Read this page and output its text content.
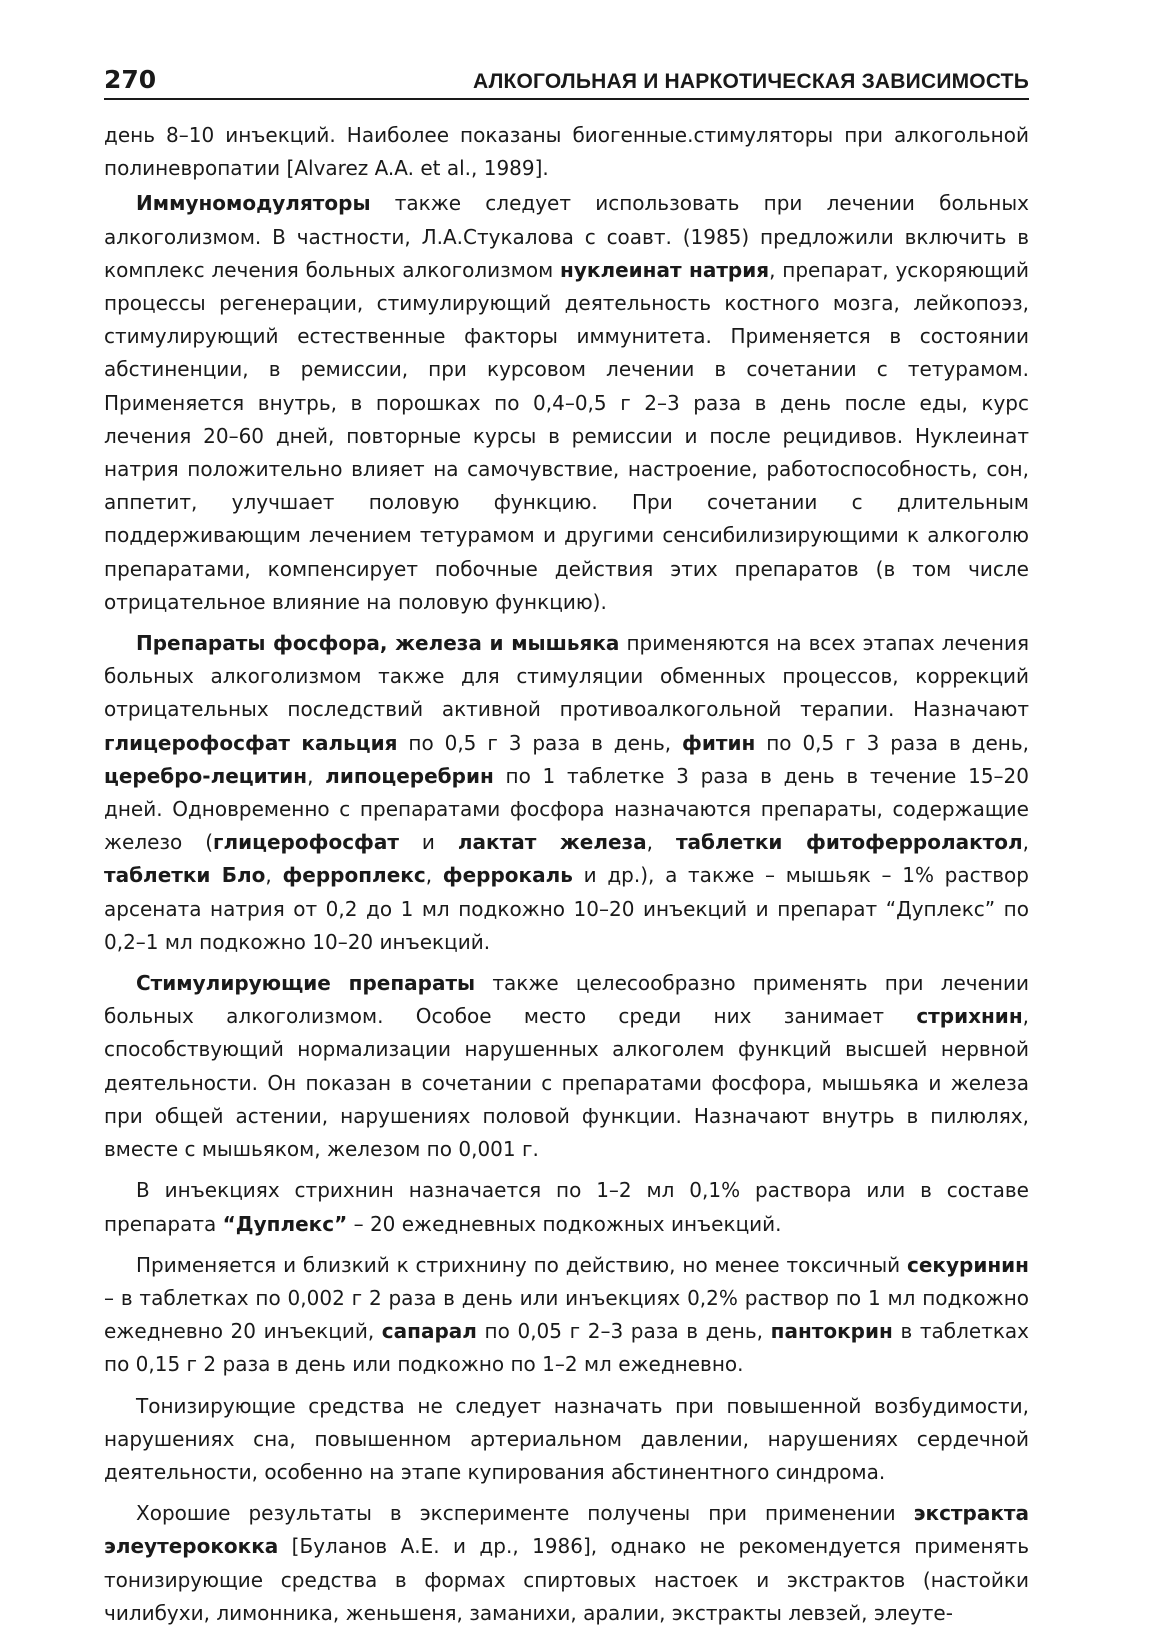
270	АЛКОГОЛЬНАЯ И НАРКОТИЧЕСКАЯ ЗАВИСИМОСТЬ

день 8–10 инъекций. Наиболее показаны биогенные.стимуляторы при алкогольной полиневропатии [Alvarez A.A. et al., 1989].

Иммуномодуляторы также следует использовать при лечении больных алкоголизмом. В частности, Л.А.Стукалова с соавт. (1985) предложили включить в комплекс лечения больных алкоголизмом нуклеинат натрия, препарат, ускоряющий процессы регенерации, стимулирующий деятельность костного мозга, лейкопоэз, стимулирующий естественные факторы иммунитета. Применяется в состоянии абстиненции, в ремиссии, при курсовом лечении в сочетании с тетурамом. Применяется внутрь, в порошках по 0,4–0,5 г 2–3 раза в день после еды, курс лечения 20–60 дней, повторные курсы в ремиссии и после рецидивов. Нуклеинат натрия положительно влияет на самочувствие, настроение, работоспособность, сон, аппетит, улучшает половую функцию. При сочетании с длительным поддерживающим лечением тетурамом и другими сенсибилизирующими к алкоголю препаратами, компенсирует побочные действия этих препаратов (в том числе отрицательное влияние на половую функцию).

Препараты фосфора, железа и мышьяка применяются на всех этапах лечения больных алкоголизмом также для стимуляции обменных процессов, коррекций отрицательных последствий активной противоалкогольной терапии. Назначают глицерофосфат кальция по 0,5 г 3 раза в день, фитин по 0,5 г 3 раза в день, церебро-лецитин, липоцеребрин по 1 таблетке 3 раза в день в течение 15–20 дней. Одновременно с препаратами фосфора назначаются препараты, содержащие железо (глицерофосфат и лактат железа, таблетки фитоферролактол, таблетки Бло, ферроплекс, феррокаль и др.), а также – мышьяк – 1% раствор арсената натрия от 0,2 до 1 мл подкожно 10–20 инъекций и препарат “Дуплекс” по 0,2–1 мл подкожно 10–20 инъекций.

Стимулирующие препараты также целесообразно применять при лечении больных алкоголизмом. Особое место среди них занимает стрихнин, способствующий нормализации нарушенных алкоголем функций высшей нервной деятельности. Он показан в сочетании с препаратами фосфора, мышьяка и железа при общей астении, нарушениях половой функции. Назначают внутрь в пилюлях, вместе с мышьяком, железом по 0,001 г.

В инъекциях стрихнин назначается по 1–2 мл 0,1% раствора или в составе препарата “Дуплекс” – 20 ежедневных подкожных инъекций.

Применяется и близкий к стрихнину по действию, но менее токсичный секуринин – в таблетках по 0,002 г 2 раза в день или инъекциях 0,2% раствор по 1 мл подкожно ежедневно 20 инъекций, сапарал по 0,05 г 2–3 раза в день, пантокрин в таблетках по 0,15 г 2 раза в день или подкожно по 1–2 мл ежедневно.

Тонизирующие средства не следует назначать при повышенной возбудимости, нарушениях сна, повышенном артериальном давлении, нарушениях сердечной деятельности, особенно на этапе купирования абстинентного синдрома.

Хорошие результаты в эксперименте получены при применении экстракта элеутерококка [Буланов А.Е. и др., 1986], однако не рекомендуется применять тонизирующие средства в формах спиртовых настоек и экстрактов (настойки чилибухи, лимонника, женьшеня, заманихи, аралии, экстракты левзей, элеуте-
